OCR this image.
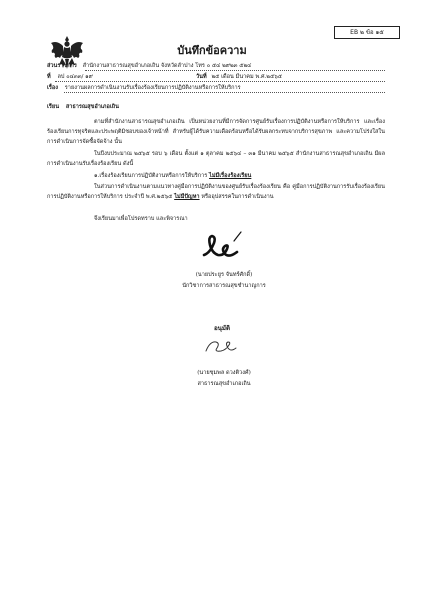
EB ๒ ข้อ ๑๕
บันทึกข้อความ
ส่วนราชการ สำนักงานสาธารณสุขอำเภอเถิน จังหวัดลำปาง โทร ๐ ๕๔ ๒๙๒๓ ๕๒๔
ที่ ลป ๐๔๓๓/ ๑๙	วันที่ ๒๕ เดือน มีนาคม พ.ศ.๒๕๖๕
เรื่อง รายงานผลการดำเนินงานรับเรื่องร้องเรียนการปฏิบัติงานหรือการให้บริการ
เรียน สาธารณสุขอำเภอเถิน
ตามที่สำนักงานสาธารณสุขอำเภอเถิน เป็นหน่วยงานที่มีการจัดการศูนย์รับเรื่องการปฏิบัติงานหรือการให้บริการ และเรื่องร้องเรียนการทุจริตและประพฤติมิชอบของเจ้าหน้าที่ สำหรับผู้ได้รับความเดือดร้อนหรือได้รับผลกระทบจากบริการสุขภาพ และความโปร่งใสในการดำเนินการจัดซื้อจัดจ้าง นั้น
ในปีงบประมาณ ๒๕๖๕ รอบ ๖ เดือน ตั้งแต่ ๑ ตุลาคม ๒๕๖๔ – ๓๑ มีนาคม ๒๕๖๕ สำนักงานสาธารณสุขอำเภอเถิน มีผลการดำเนินงานรับเรื่องร้องเรียน ดังนี้
๑.เรื่องร้องเรียนการปฏิบัติงานหรือการให้บริการ ไม่มีเรื่องร้องเรียน
ในส่วนการดำเนินงานตามแนวทางคู่มือการปฏิบัติงานของศูนย์รับเรื่องร้องเรียน คือ คู่มือการปฏิบัติงานการรับเรื่องร้องเรียนการปฏิบัติงานหรือการให้บริการ ประจำปี พ.ศ.๒๕๖๕ ไม่มีปัญหา หรืออุปสรรคในการดำเนินงาน
จึงเรียนมาเพื่อโปรดทราบ และพิจารณา
(นายประยูร จันทร์ศักดิ์)
นักวิชาการสาธารณสุขชำนาญการ
อนุมัติ
(นายชุมพล ดวงติวงศ์)
สาธารณสุขอำเภอเถิน
